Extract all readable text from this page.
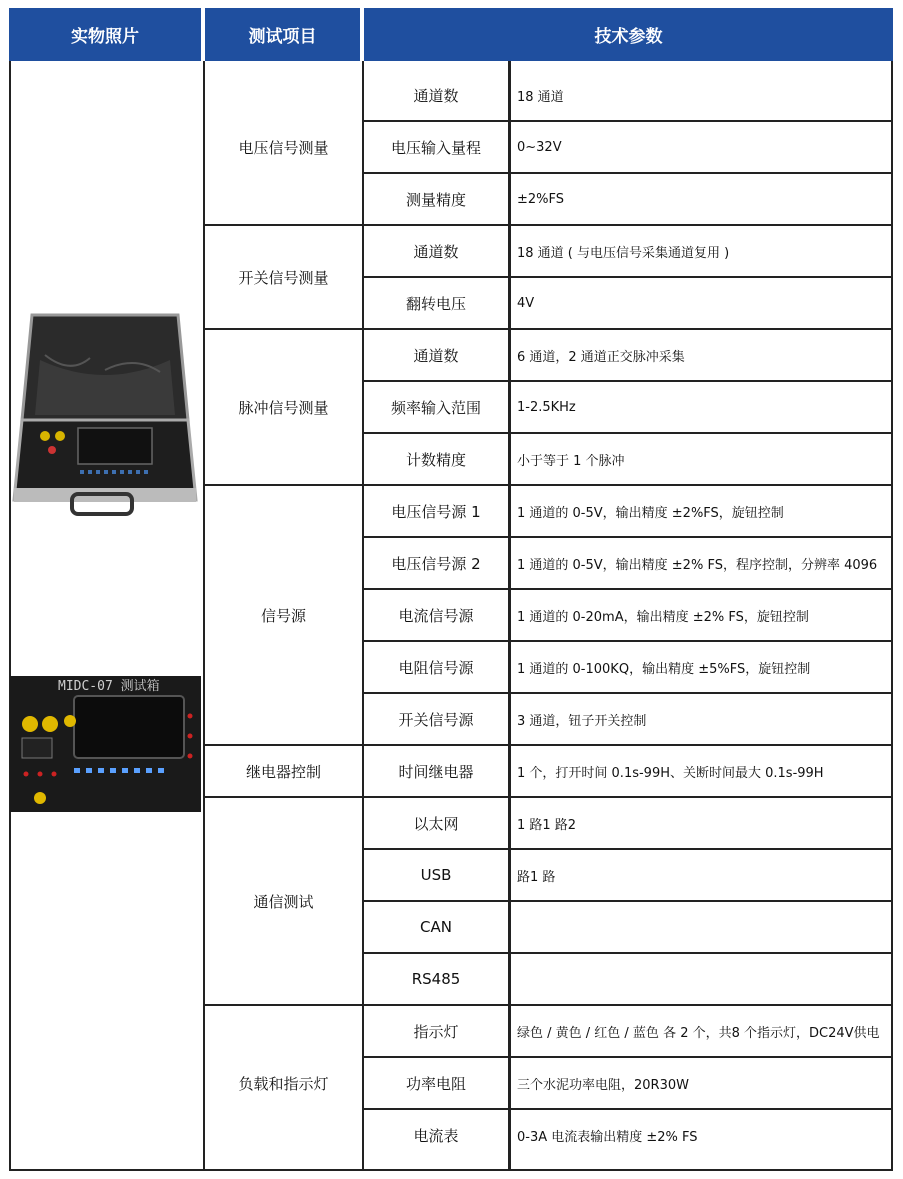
实物照片	测试项目	技术参数
通道数	18 通道
电压输入量程	0~32V
测量精度	±2%FS
电压信号测量
通道数	18 通道 ( 与电压信号采集通道复用 )
翻转电压	4V
开关信号测量
通道数	6 通道，2 通道正交脉冲采集
频率输入范围	1-2.5KHz
计数精度	小于等于 1 个脉冲
脉冲信号测量
电压信号源 1	1 通道的 0-5V，输出精度 ±2%FS，旋钮控制
电压信号源 2	1 通道的 0-5V，输出精度 ±2% FS，程序控制，分辨率 4096
电流信号源	1 通道的 0-20mA，输出精度 ±2% FS，旋钮控制
电阻信号源	1 通道的 0-100KQ，输出精度 ±5%FS，旋钮控制
开关信号源	3 通道，钮子开关控制
信号源
时间继电器	1 个，打开时间 0.1s-99H、关断时间最大 0.1s-99H
继电器控制
以太网	1 路1 路2
USB	路1 路
CAN
RS485
通信测试
指示灯	绿色 / 黄色 / 红色 / 蓝色 各 2 个，共8 个指示灯，DC24V供电
功率电阻	三个水泥功率电阻，20R30W
电流表	0-3A 电流表输出精度 ±2% FS
负载和指示灯
MIDC-07 测试箱
